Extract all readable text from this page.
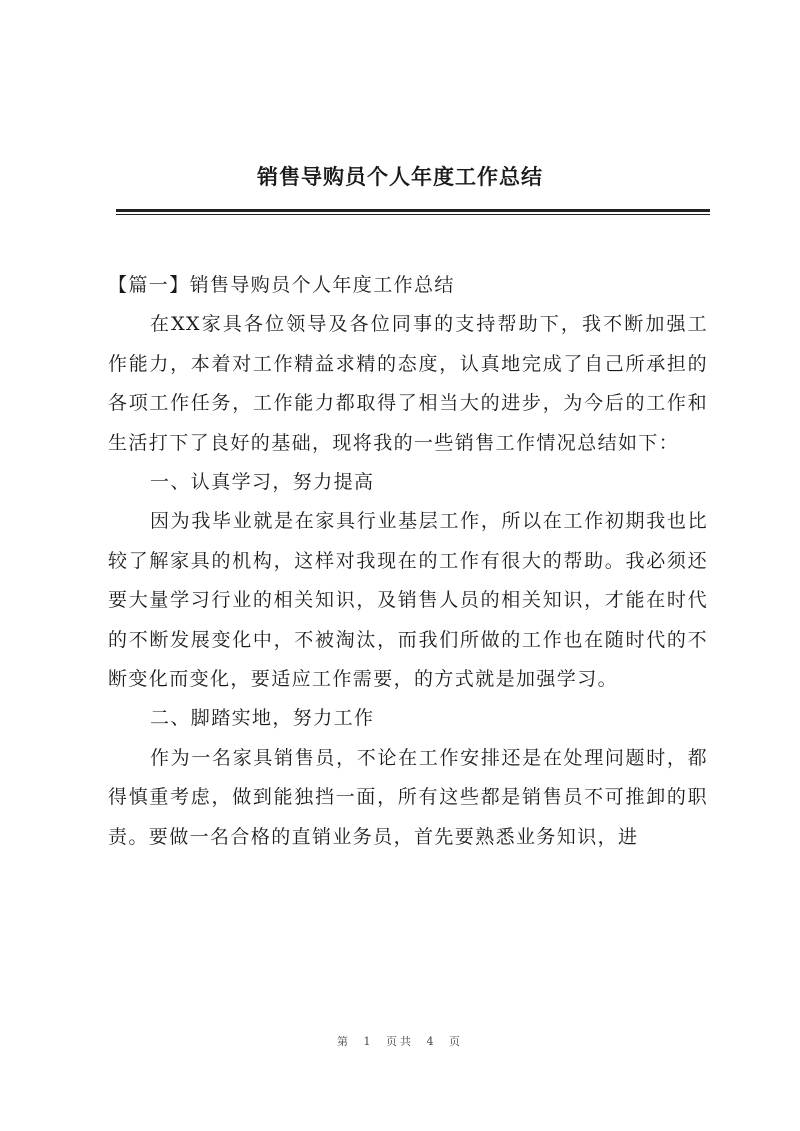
销售导购员个人年度工作总结

【篇一】销售导购员个人年度工作总结

在XX家具各位领导及各位同事的支持帮助下，我不断加强工作能力，本着对工作精益求精的态度，认真地完成了自己所承担的各项工作任务，工作能力都取得了相当大的进步，为今后的工作和生活打下了良好的基础，现将我的一些销售工作情况总结如下：

一、认真学习，努力提高

因为我毕业就是在家具行业基层工作，所以在工作初期我也比较了解家具的机构，这样对我现在的工作有很大的帮助。我必须还要大量学习行业的相关知识，及销售人员的相关知识，才能在时代的不断发展变化中，不被淘汰，而我们所做的工作也在随时代的不断变化而变化，要适应工作需要，的方式就是加强学习。

二、脚踏实地，努力工作

作为一名家具销售员，不论在工作安排还是在处理问题时，都得慎重考虑，做到能独挡一面，所有这些都是销售员不可推卸的职责。要做一名合格的直销业务员，首先要熟悉业务知识，进

第 1 页共 4 页
